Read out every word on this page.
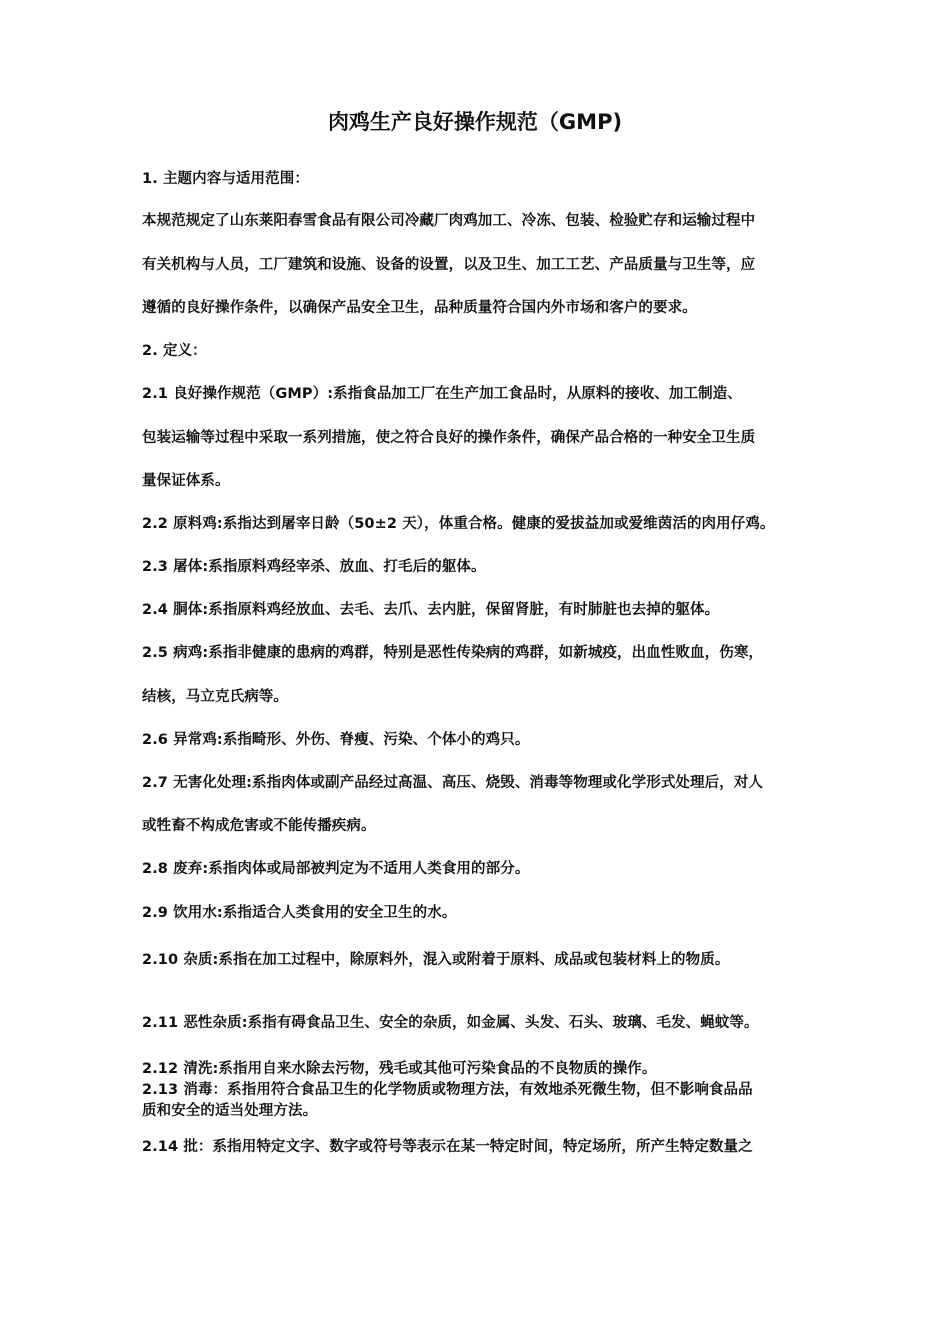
肉鸡生产良好操作规范（GMP)
1. 主题内容与适用范围：
本规范规定了山东莱阳春雪食品有限公司冷藏厂肉鸡加工、冷冻、包装、检验贮存和运输过程中
有关机构与人员，工厂建筑和设施、设备的设置，以及卫生、加工工艺、产品质量与卫生等，应
遵循的良好操作条件，以确保产品安全卫生，品种质量符合国内外市场和客户的要求。
2. 定义：
2.1 良好操作规范（GMP）:系指食品加工厂在生产加工食品时，从原料的接收、加工制造、
包装运输等过程中采取一系列措施，使之符合良好的操作条件，确保产品合格的一种安全卫生质
量保证体系。
2.2 原料鸡:系指达到屠宰日龄（50±2 天），体重合格。健康的爱拔益加或爱维茵活的肉用仔鸡。
2.3 屠体:系指原料鸡经宰杀、放血、打毛后的躯体。
2.4 胴体:系指原料鸡经放血、去毛、去爪、去内脏，保留肾脏，有时肺脏也去掉的躯体。
2.5 病鸡:系指非健康的患病的鸡群，特别是恶性传染病的鸡群，如新城疫，出血性败血，伤寒，
结核，马立克氏病等。
2.6 异常鸡:系指畸形、外伤、脊瘦、污染、个体小的鸡只。
2.7 无害化处理:系指肉体或副产品经过高温、高压、烧毁、消毒等物理或化学形式处理后，对人
或牲畜不构成危害或不能传播疾病。
2.8 废弃:系指肉体或局部被判定为不适用人类食用的部分。
2.9 饮用水:系指适合人类食用的安全卫生的水。
2.10 杂质:系指在加工过程中，除原料外，混入或附着于原料、成品或包装材料上的物质。
2.11 恶性杂质:系指有碍食品卫生、安全的杂质，如金属、头发、石头、玻璃、毛发、蝇蚊等。
2.12 清洗:系指用自来水除去污物，残毛或其他可污染食品的不良物质的操作。
2.13 消毒：系指用符合食品卫生的化学物质或物理方法，有效地杀死微生物，但不影响食品品
质和安全的适当处理方法。
2.14 批：系指用特定文字、数字或符号等表示在某一特定时间，特定场所，所产生特定数量之
